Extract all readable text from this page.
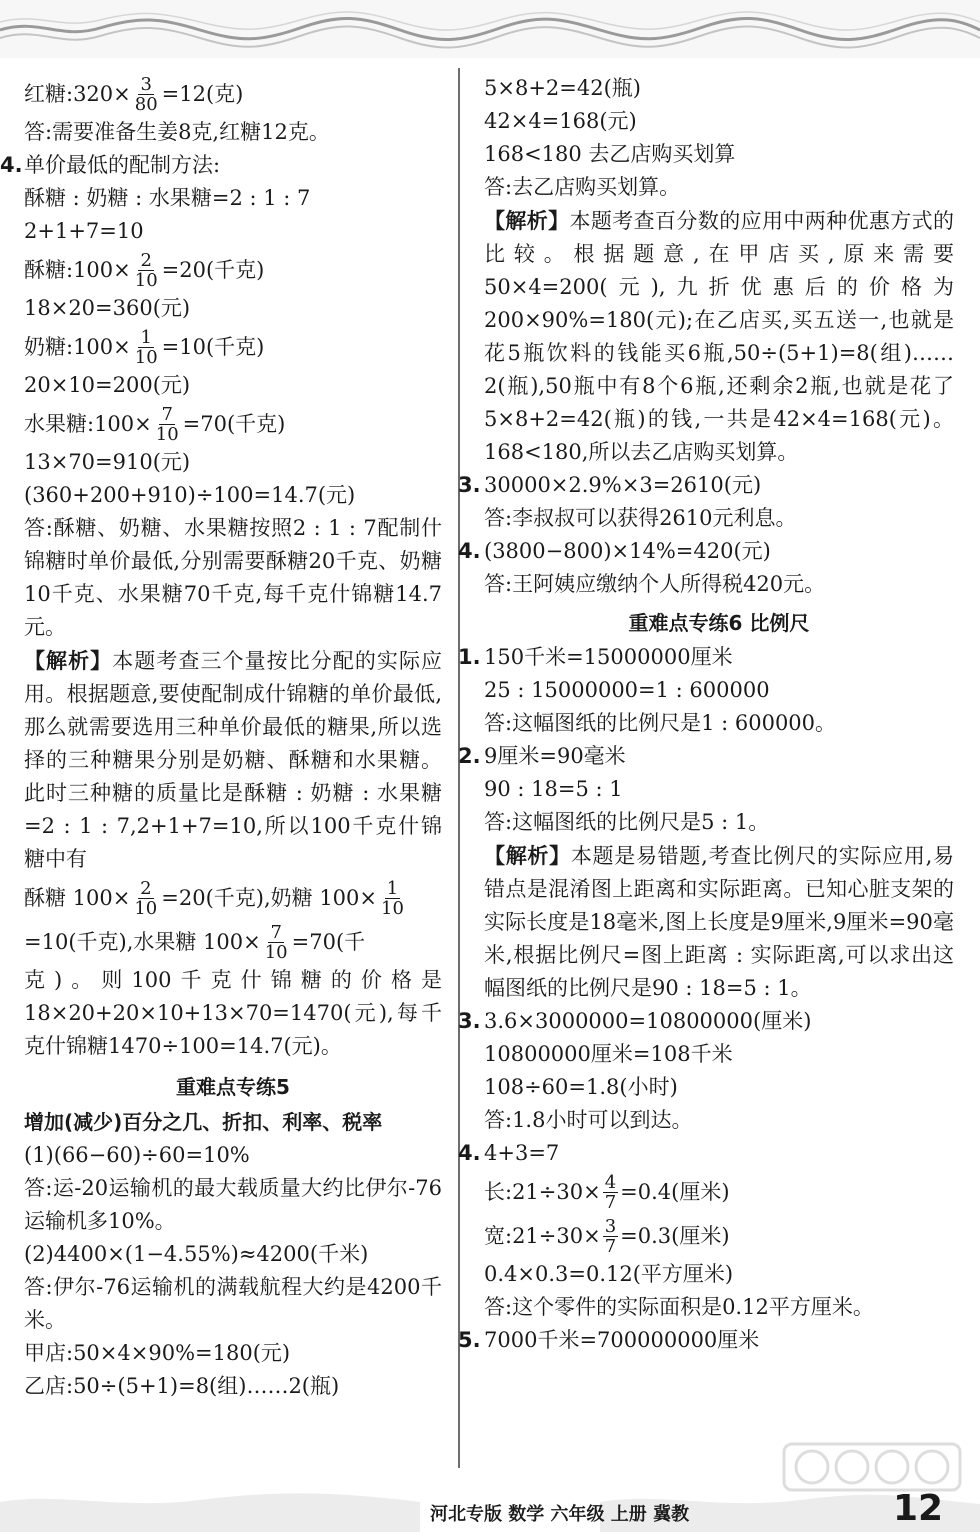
红糖:320× $\frac{3}{80} =12$(克)
答:需要准备生姜8克,红糖12克。
4.单价最低的配制方法:
酥糖 : 奶糖 : 水果糖=2 : 1 : 7
2+1+7=10
酥糖:100× $\frac{2}{10} =20$(千克)
18×20=360(元)
奶糖:100× $\frac{1}{10} =10$(千克)
20×10=200(元)
水果糖:100× $\frac{7}{10} =70$(千克)
13×70=910(元)
(360+200+910)÷100=14.7(元)
答:酥糖、奶糖、水果糖按照2 : 1 : 7配制什锦糖时单价最低,分别需要酥糖20千克、奶糖10千克、水果糖70千克,每千克什锦糖14.7元。
【解析】本题考查三个量按比分配的实际应用。根据题意,要使配制成什锦糖的单价最低,那么就需要选用三种单价最低的糖果,所以选择的三种糖果分别是奶糖、酥糖和水果糖。此时三种糖的质量比是酥糖 : 奶糖 : 水果糖=2 : 1 : 7,2+1+7=10,所以100千克什锦糖中有
酥糖 $100\times \frac{2}{10} =20$(千克),奶糖 $100\times \frac{1}{10}$
=10(千克),水果糖 $100\times \frac{7}{10} =70$(千
克)。则100千克什锦糖的价格是18×20+20×10+13×70=1470(元),每千克什锦糖1470÷100=14.7(元)。
重难点专练5
增加(减少)百分之几、折扣、利率、税率
(1)(66−60)÷60=10%
答:运-20运输机的最大载质量大约比伊尔-76运输机多10%。
(2)4400×(1−4.55%)≈4200(千米)
答:伊尔-76运输机的满载航程大约是4200千米。
甲店:50×4×90%=180(元)
乙店:50÷(5+1)=8(组)……2(瓶)
5×8+2=42(瓶)
42×4=168(元)
168<180 去乙店购买划算
答:去乙店购买划算。
【解析】本题考查百分数的应用中两种优惠方式的比较。根据题意,在甲店买,原来需要50×4=200(元),九折优惠后的价格为200×90%=180(元);在乙店买,买五送一,也就是花5瓶饮料的钱能买6瓶,50÷(5+1)=8(组)……2(瓶),50瓶中有8个6瓶,还剩余2瓶,也就是花了5×8+2=42(瓶)的钱,一共是42×4=168(元)。168<180,所以去乙店购买划算。
3. 30000×2.9%×3=2610(元)
答:李叔叔可以获得2610元利息。
4. (3800−800)×14%=420(元)
答:王阿姨应缴纳个人所得税420元。
重难点专练6 比例尺
1. 150千米=15000000厘米
25 : 15000000=1 : 600000
答:这幅图纸的比例尺是1 : 600000。
2. 9厘米=90毫米
90 : 18=5 : 1
答:这幅图纸的比例尺是5 : 1。
【解析】本题是易错题,考查比例尺的实际应用,易错点是混淆图上距离和实际距离。已知心脏支架的实际长度是18毫米,图上长度是9厘米,9厘米=90毫米,根据比例尺=图上距离 : 实际距离,可以求出这幅图纸的比例尺是90 : 18=5 : 1。
3. 3.6×3000000=10800000(厘米)
10800000厘米=108千米
108÷60=1.8(小时)
答:1.8小时可以到达。
4. 4+3=7
长:21÷30× $\frac{4}{7} =0.4$(厘米)
宽:21÷30× $\frac{3}{7} =0.3$(厘米)
0.4×0.3=0.12(平方厘米)
答:这个零件的实际面积是0.12平方厘米。
5. 7000千米=700000000厘米
河北专版 数学 六年级 上册 冀教	12
